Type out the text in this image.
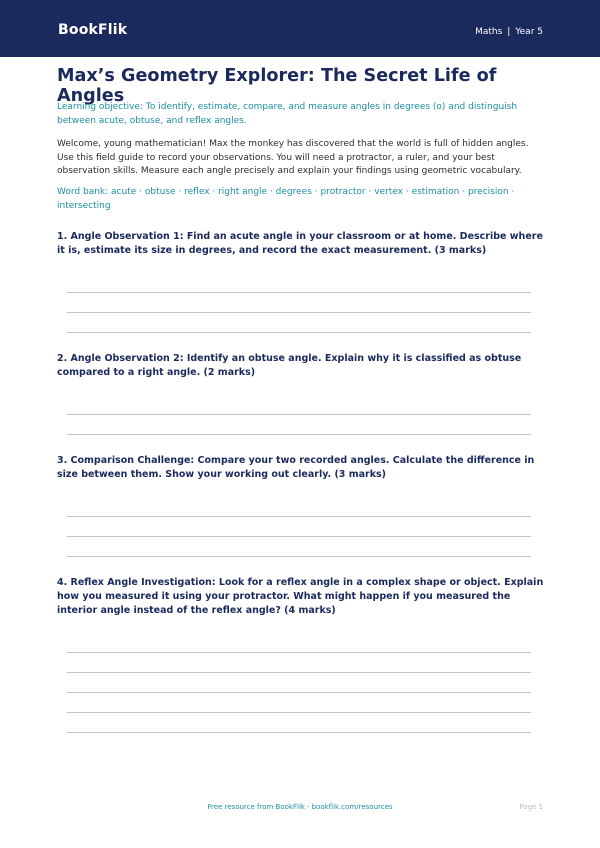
BookFlik	Maths | Year 5
Max’s Geometry Explorer: The Secret Life of Angles

Learning objective: To identify, estimate, compare, and measure angles in degrees (o) and distinguish between acute, obtuse, and reflex angles.

Welcome, young mathematician! Max the monkey has discovered that the world is full of hidden angles. Use this field guide to record your observations. You will need a protractor, a ruler, and your best observation skills. Measure each angle precisely and explain your findings using geometric vocabulary.

Word bank: acute · obtuse · reflex · right angle · degrees · protractor · vertex · estimation · precision · intersecting

1. Angle Observation 1: Find an acute angle in your classroom or at home. Describe where it is, estimate its size in degrees, and record the exact measurement. (3 marks)

2. Angle Observation 2: Identify an obtuse angle. Explain why it is classified as obtuse compared to a right angle. (2 marks)

3. Comparison Challenge: Compare your two recorded angles. Calculate the difference in size between them. Show your working out clearly. (3 marks)

4. Reflex Angle Investigation: Look for a reflex angle in a complex shape or object. Explain how you measured it using your protractor. What might happen if you measured the interior angle instead of the reflex angle? (4 marks)

Free resource from BookFlik · bookflik.com/resources	Page 1
